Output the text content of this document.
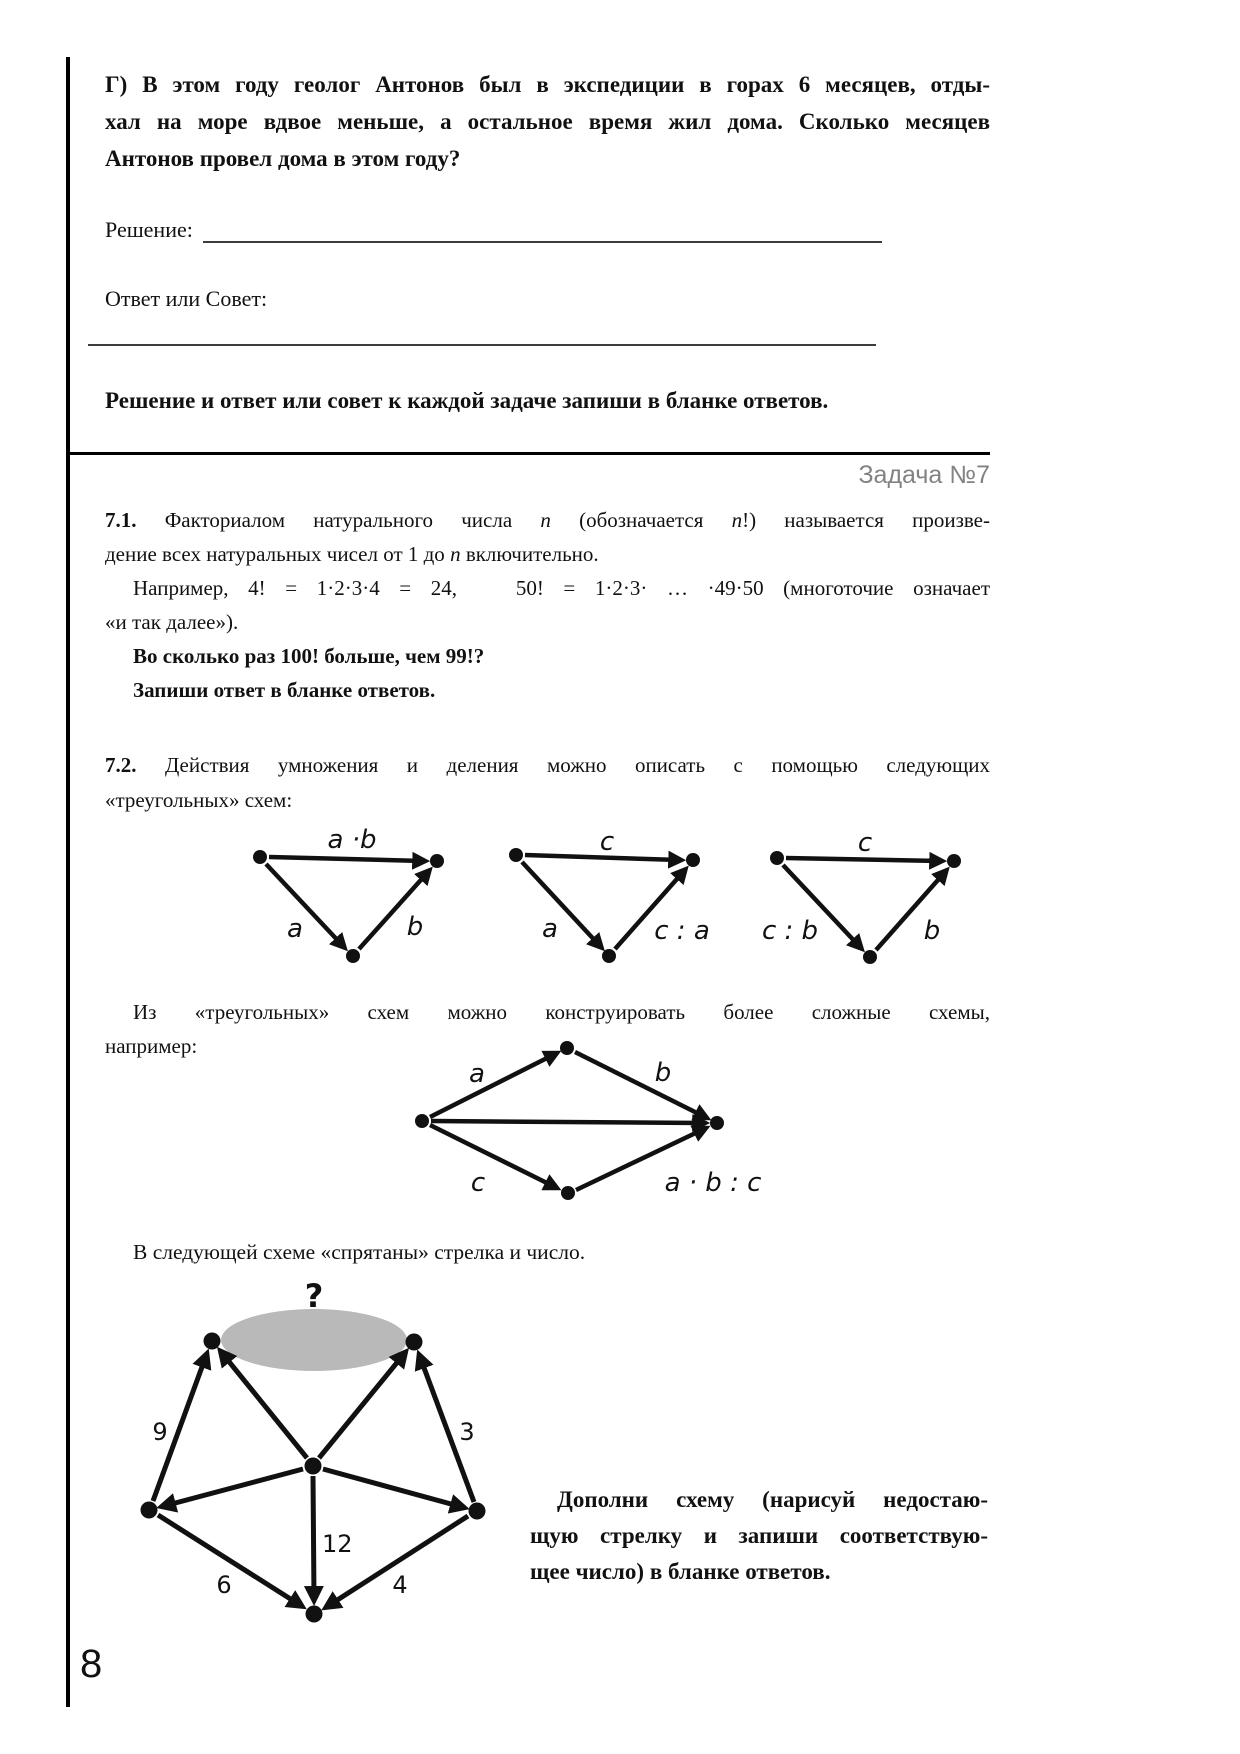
Г) В этом году геолог Антонов был в экспедиции в горах 6 месяцев, отды-
хал на море вдвое меньше, а остальное время жил дома. Сколько месяцев
Антонов провел дома в этом году?
Решение:
Ответ или Совет:
Решение и ответ или совет к каждой задаче запиши в бланке ответов.
Задача №7
7.1. Факториалом натурального числа n (обозначается n!) называется произве-
дение всех натуральных чисел от 1 до n включительно.
Например, 4! = 1·2·3·4 = 24,   50! = 1·2·3· … ·49·50 (многоточие означает
«и так далее»).
Во сколько раз 100! больше, чем 99!?
Запиши ответ в бланке ответов.
7.2. Действия умножения и деления можно описать с помощью следующих
«треугольных» схем:
a ·b
a	b
c
a	c : a
c
c : b	b
Из «треугольных» схем можно конструировать более сложные схемы,
например:
a	b
c	a · b : c
В следующей схеме «спрятаны» стрелка и число.
?
9	3
12
6	4
Дополни схему (нарисуй недостаю-
щую стрелку и запиши соответствую-
щее число) в бланке ответов.
8
